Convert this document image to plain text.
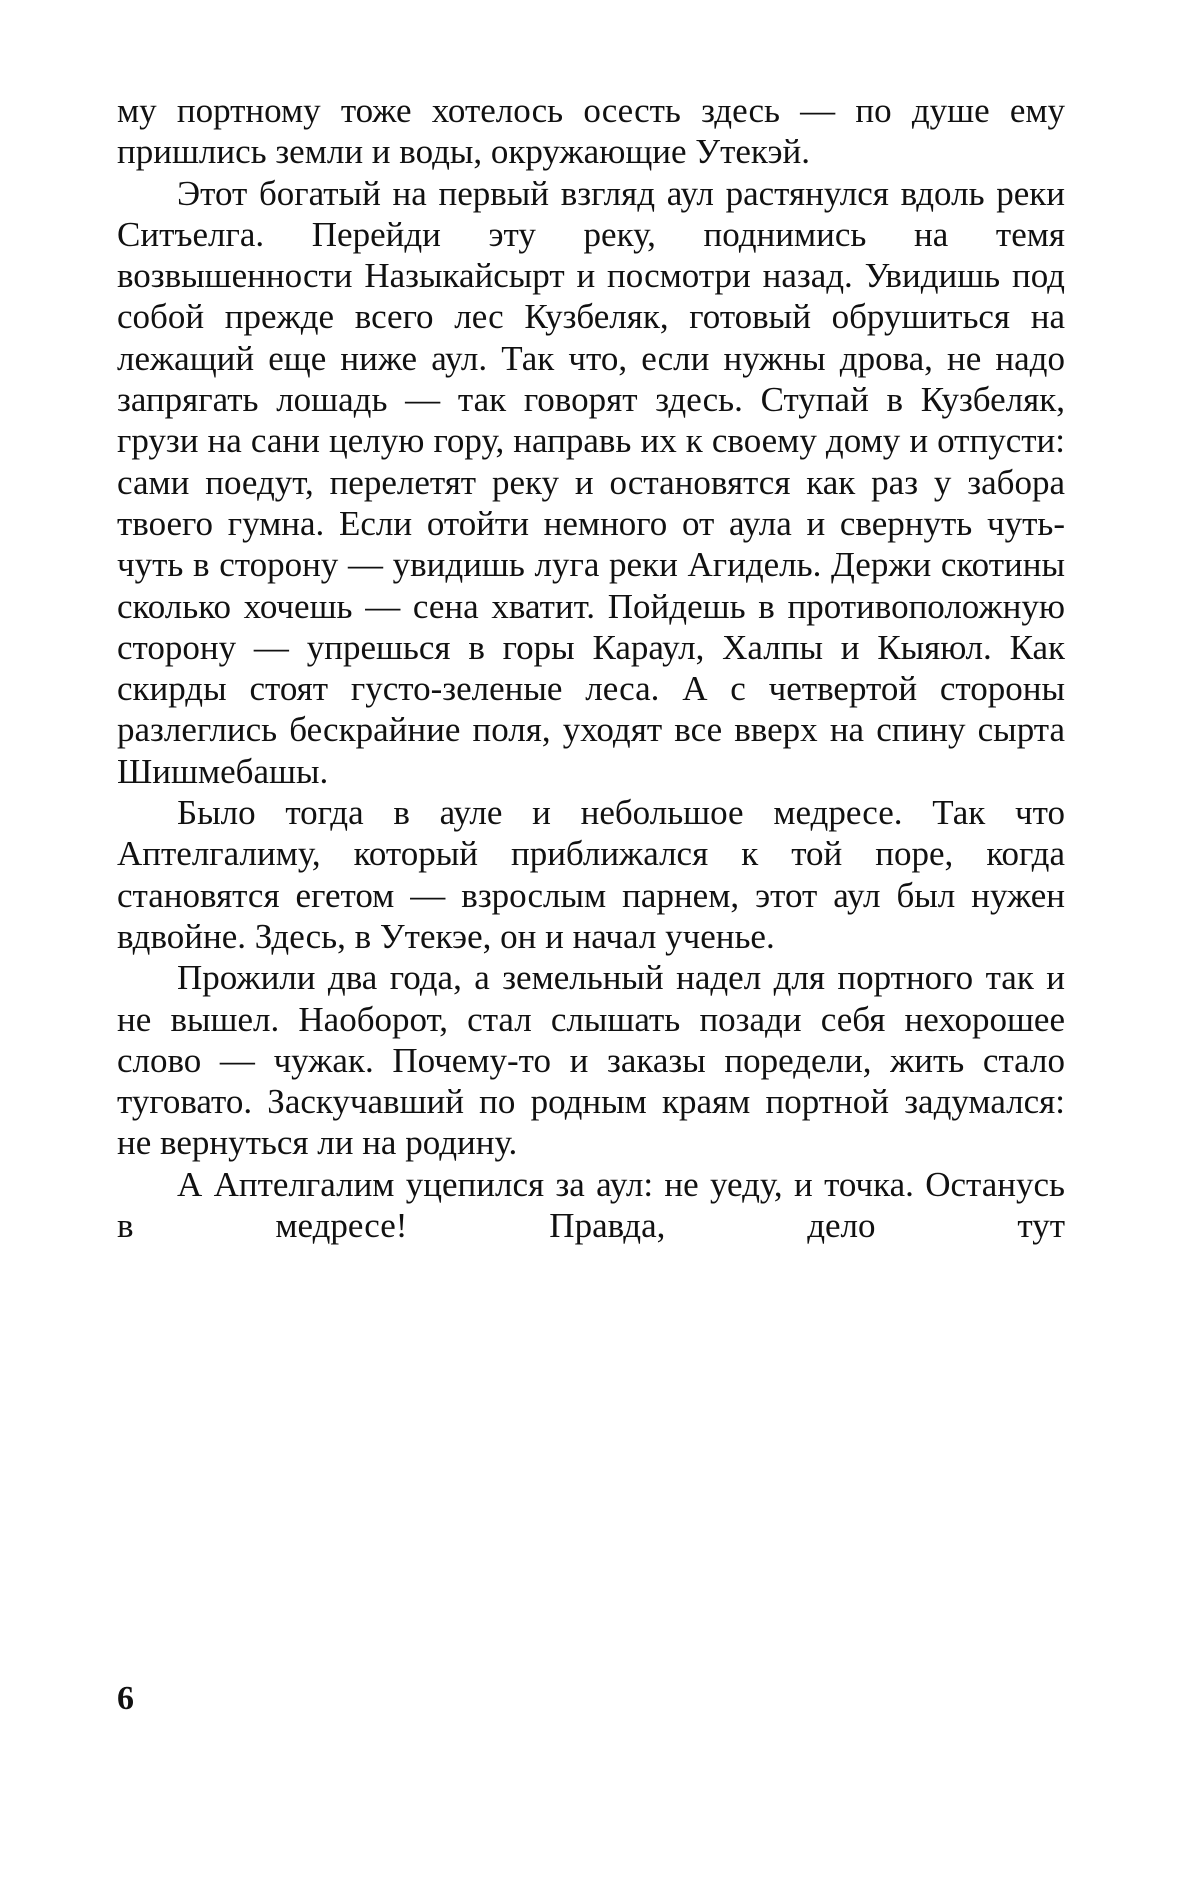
му портному тоже хотелось осесть здесь — по душе ему пришлись земли и воды, окружающие Утекэй.

Этот богатый на первый взгляд аул растянулся вдоль реки Ситъелга. Перейди эту реку, поднимись на темя возвышенности Назыкайсырт и посмотри назад. Увидишь под собой прежде всего лес Кузбеляк, готовый обрушиться на лежащий еще ниже аул. Так что, если нужны дрова, не надо запрягать лошадь — так говорят здесь. Ступай в Кузбеляк, грузи на сани целую гору, направь их к своему дому и отпусти: сами поедут, перелетят реку и остановятся как раз у забора твоего гумна. Если отойти немного от аула и свернуть чуть-чуть в сторону — увидишь луга реки Агидель. Держи скотины сколько хочешь — сена хватит. Пойдешь в противоположную сторону — упрешься в горы Караул, Халпы и Кыяюл. Как скирды стоят густо-зеленые леса. А с четвертой стороны разлеглись бескрайние поля, уходят все вверх на спину сырта Шишмебашы.

Было тогда в ауле и небольшое медресе. Так что Аптелгалиму, который приближался к той поре, когда становятся егетом — взрослым парнем, этот аул был нужен вдвойне. Здесь, в Утекэе, он и начал ученье.

Прожили два года, а земельный надел для портного так и не вышел. Наоборот, стал слышать позади себя нехорошее слово — чужак. Почему-то и заказы поредели, жить стало туговато. Заскучавший по родным краям портной задумался: не вернуться ли на родину.

А Аптелгалим уцепился за аул: не уеду, и точка. Останусь в медресе! Правда, дело тут

6
